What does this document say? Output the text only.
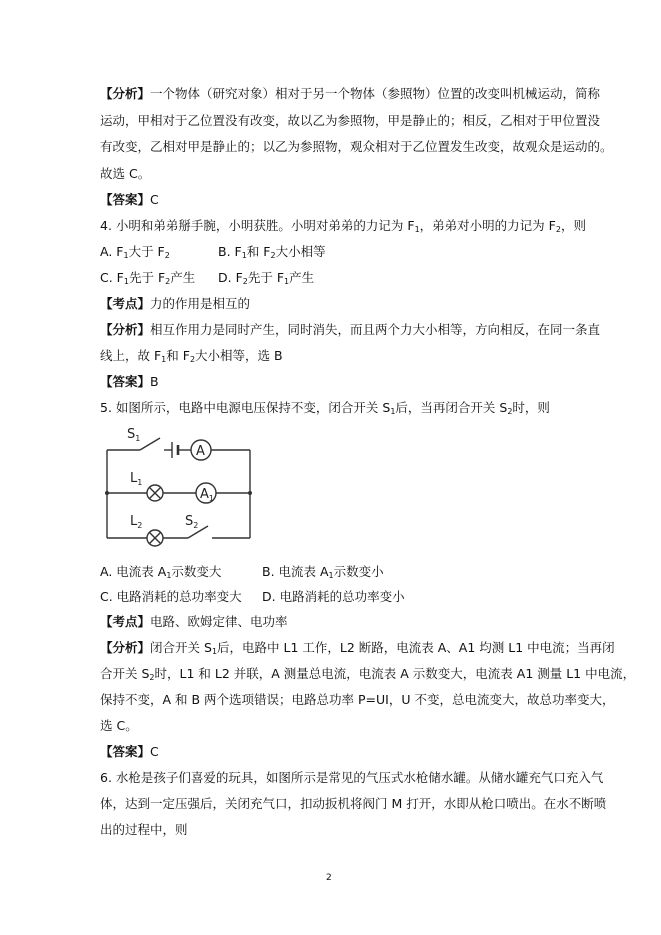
【分析】一个物体（研究对象）相对于另一个物体（参照物）位置的改变叫机械运动，简称
运动，甲相对于乙位置没有改变，故以乙为参照物，甲是静止的；相反，乙相对于甲位置没
有改变，乙相对甲是静止的；以乙为参照物，观众相对于乙位置发生改变，故观众是运动的。
故选 C。
【答案】C
4. 小明和弟弟掰手腕，小明获胜。小明对弟弟的力记为 $F_1$，弟弟对小明的力记为 $F_2$，则
A. $F_1$大于 $F_2$	B. $F_1$和 $F_2$大小相等
C. $F_1$先于 $F_2$产生 D. $F_2$先于 $F_1$产生
【考点】力的作用是相互的
【分析】相互作用力是同时产生，同时消失，而且两个力大小相等，方向相反，在同一条直
线上，故 $F_1$和 $F_2$大小相等，选 B
【答案】B
5. 如图所示，电路中电源电压保持不变，闭合开关 $S_1$后，当再闭合开关 $S_2$时，则
$S_1$
A
$L_1$
$A_1$
$L_2$	$S_2$
A. 电流表 $A_1$示数变大	B. 电流表 $A_1$示数变小
C. 电路消耗的总功率变大 D. 电路消耗的总功率变小
【考点】电路、欧姆定律、电功率
【分析】闭合开关 $S_1$后，电路中 L1 工作，L2 断路，电流表 A、A1 均测 L1 中电流；当再闭
合开关 $S_2$时，L1 和 L2 并联，A 测量总电流，电流表 A 示数变大，电流表 A1 测量 L1 中电流，
保持不变，A 和 B 两个选项错误；电路总功率 P=UI，U 不变，总电流变大，故总功率变大，
选 C。
【答案】C
6. 水枪是孩子们喜爱的玩具，如图所示是常见的气压式水枪储水罐。从储水罐充气口充入气
体，达到一定压强后，关闭充气口，扣动扳机将阀门 M 打开，水即从枪口喷出。在水不断喷
出的过程中，则
2
